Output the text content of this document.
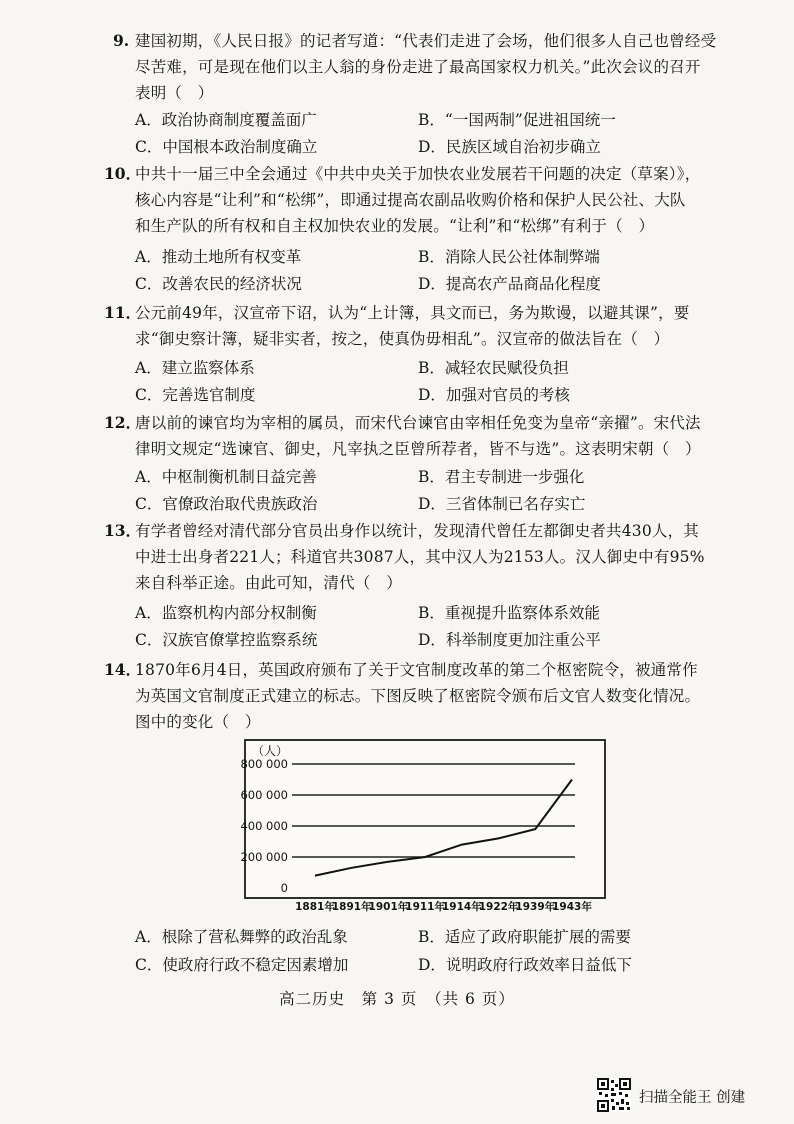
9. 建国初期，《人民日报》的记者写道：“代表们走进了会场，他们很多人自己也曾经受
尽苦难，可是现在他们以主人翁的身份走进了最高国家权力机关。”此次会议的召开
表明（　）
A．政治协商制度覆盖面广	B．“一国两制”促进祖国统一
C．中国根本政治制度确立	D．民族区域自治初步确立
10．
中共十一届三中全会通过《中共中央关于加快农业发展若干问题的决定（草案）》，
核心内容是“让利”和“松绑”，即通过提高农副品收购价格和保护人民公社、大队
和生产队的所有权和自主权加快农业的发展。“让利”和“松绑”有利于（　）
A．推动土地所有权变革	B．消除人民公社体制弊端
C．改善农民的经济状况	D．提高农产品商品化程度
11．
公元前49年，汉宣帝下诏，认为“上计簿，具文而已，务为欺谩，以避其课”，要
求“御史察计簿，疑非实者，按之，使真伪毋相乱”。汉宣帝的做法旨在（　）
A．建立监察体系	B．减轻农民赋役负担
C．完善选官制度	D．加强对官员的考核
12．
唐以前的谏官均为宰相的属员，而宋代台谏官由宰相任免变为皇帝“亲擢”。宋代法
律明文规定“选谏官、御史，凡宰执之臣曾所荐者，皆不与选”。这表明宋朝（　）
A．中枢制衡机制日益完善	B．君主专制进一步强化
C．官僚政治取代贵族政治	D．三省体制已名存实亡
13．
有学者曾经对清代部分官员出身作以统计，发现清代曾任左都御史者共430人，其
中进士出身者221人；科道官共3087人，其中汉人为2153人。汉人御史中有95%
来自科举正途。由此可知，清代（　）
A．监察机构内部分权制衡	B．重视提升监察体系效能
C．汉族官僚掌控监察系统	D．科举制度更加注重公平
14．
1870年6月4日，英国政府颁布了关于文官制度改革的第二个枢密院令，被通常作
为英国文官制度正式建立的标志。下图反映了枢密院令颁布后文官人数变化情况。
图中的变化（　）
（人）
0
200 000
400 000
600 000
800 000
1881年
1891年
1901年
1911年
1914年
1922年
1939年
1943年
A．根除了营私舞弊的政治乱象	B．适应了政府职能扩展的需要
C．使政府行政不稳定因素增加	D．说明政府行政效率日益低下
高二历史　第 3 页　（共 6 页）
扫描全能王 创建
